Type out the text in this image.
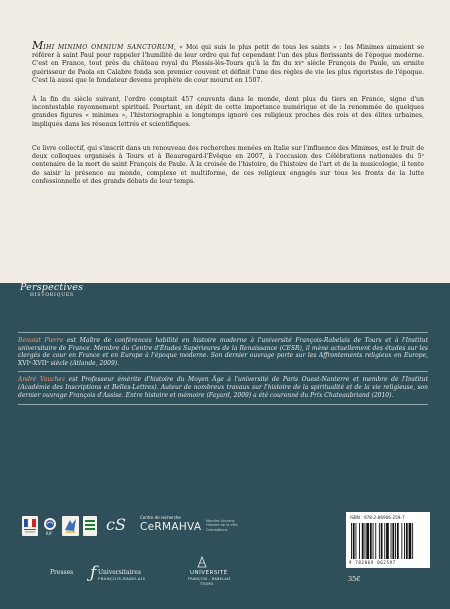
MIHI MINIMO OMNIUM SANCTORUM, « Moi qui suis le plus petit de tous les saints » : les Minimes aimaient se référer à saint Paul pour rappeler l'humilité de leur ordre qui fut cependant l'un des plus florissants de l'époque moderne. C'est en France, tout près du château royal du Plessis-lès-Tours qu'à la fin du xvᵉ siècle François de Paule, un ermite guérisseur de Paola en Calabre fonda son premier couvent et définit l'une des règles de vie les plus rigoristes de l'époque. C'est là aussi que le fondateur devenu prophète de cour mourut en 1507.

À la fin du siècle suivant, l'ordre comptait 457 couvents dans le monde, dont plus du tiers en France, signe d'un incontestable rayonnement spirituel. Pourtant, en dépit de cette importance numérique et de la renommée de quelques grandes figures « minimes », l'historiographie a longtemps ignoré ces religieux proches des rois et des élites urbaines, impliqués dans les réseaux lettrés et scientifiques.

Ce livre collectif, qui s'inscrit dans un renouveau des recherches menées en Italie sur l'influence des Minimes, est le fruit de deux colloques organisés à Tours et à Beauregard-l'Évêque en 2007, à l'occasion des Célébrations nationales du 5ᵉ centenaire de la mort de saint François de Paule. À la croisée de l'histoire, de l'histoire de l'art et de la musicologie, il tente de saisir la présence au monde, complexe et multiforme, de ces religieux engagés sur tous les fronts de la lutte confessionnelle et des grands débats de leur temps.

Perspectives
HISTORIQUES

Benoist Pierre est Maître de conférences habilité en histoire moderne à l'université François-Rabelais de Tours et à l'Institut universitaire de France. Membre du Centre d'Études Supérieures de la Renaissance (CESR), il mène actuellement des études sur les clergés de cour en France et en Europe à l'époque moderne. Son dernier ouvrage porte sur les Affrontements religieux en Europe, XVIᵉ-XVIIᵉ siècle (Atlande, 2009).

André Vauchez est Professeur émérite d'histoire du Moyen Âge à l'université de Paris Ouest-Nanterre et membre de l'Institut (Académie des Inscriptions et Belles-Lettres). Auteur de nombreux travaux sur l'histoire de la spiritualité et de la vie religieuse, son dernier ouvrage François d'Assise. Entre histoire et mémoire (Fayard, 2009) a été couronné du Prix Chateaubriand (2010).

IUF	cS	Centre de recherche
CeRMAHVA Mondes Anciens
Histoire de la Ville
Orientations
Presses ƒ Universitaires
FRANÇOIS-RABELAIS
UNIVERSITÉ
FRANÇOIS - RABELAIS
TOURS
ISBN : 978-2-86906-259-7
9 782869 062597
35€
